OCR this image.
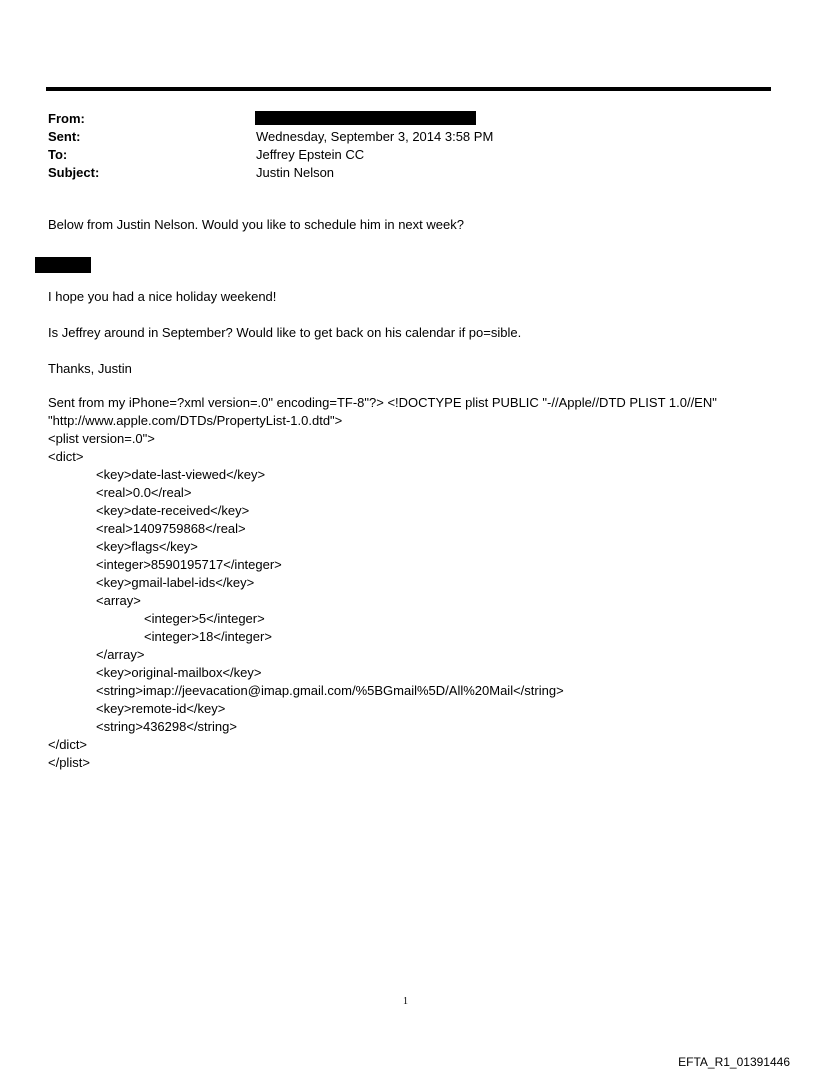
From:
Sent:	Wednesday, September 3, 2014 3:58 PM
To:	Jeffrey Epstein CC
Subject:	Justin Nelson
Below from Justin Nelson. Would you like to schedule him in next week?
I hope you had a nice holiday weekend!
Is Jeffrey around in September? Would like to get back on his calendar if po=sible.
Thanks, Justin
Sent from my iPhone=?xml version=.0" encoding=TF-8"?> <!DOCTYPE plist PUBLIC "-//Apple//DTD PLIST 1.0//EN"
"http://www.apple.com/DTDs/PropertyList-1.0.dtd">
<plist version=.0">
<dict>
<key>date-last-viewed</key>
<real>0.0</real>
<key>date-received</key>
<real>1409759868</real>
<key>flags</key>
<integer>8590195717</integer>
<key>gmail-label-ids</key>
<array>
<integer>5</integer>
<integer>18</integer>
</array>
<key>original-mailbox</key>
<string>imap://jeevacation@imap.gmail.com/%5BGmail%5D/All%20Mail</string>
<key>remote-id</key>
<string>436298</string>
</dict>
</plist>
1
EFTA_R1_01391446
